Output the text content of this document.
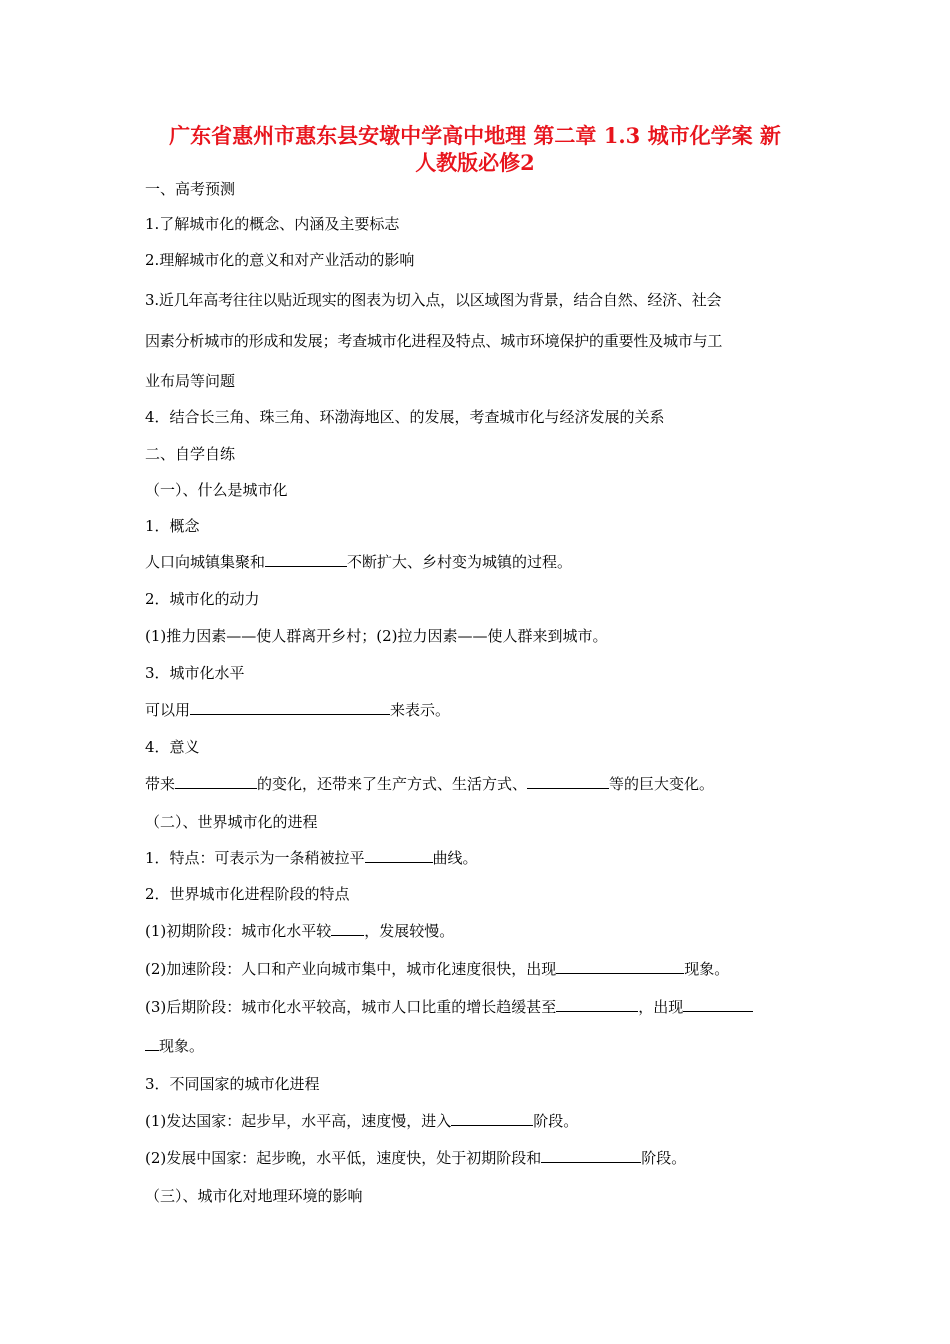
广东省惠州市惠东县安墩中学高中地理 第二章 1.3 城市化学案 新
人教版必修2
一、高考预测
1.了解城市化的概念、内涵及主要标志
2.理解城市化的意义和对产业活动的影响
3.近几年高考往往以贴近现实的图表为切入点，以区域图为背景，结合自然、经济、社会
因素分析城市的形成和发展；考查城市化进程及特点、城市环境保护的重要性及城市与工
业布局等问题
4．结合长三角、珠三角、环渤海地区、的发展，考查城市化与经济发展的关系
二、自学自练
（一）、什么是城市化
1．概念
人口向城镇集聚和	不断扩大、乡村变为城镇的过程。
2．城市化的动力
(1)推力因素——使人群离开乡村；(2)拉力因素——使人群来到城市。
3．城市化水平
可以用	来表示。
4．意义
带来	的变化，还带来了生产方式、生活方式、	等的巨大变化。
（二）、世界城市化的进程
1．特点：可表示为一条稍被拉平	曲线。
2．世界城市化进程阶段的特点
(1)初期阶段：城市化水平较 ，发展较慢。
(2)加速阶段：人口和产业向城市集中，城市化速度很快，出现	现象。
(3)后期阶段：城市化水平较高，城市人口比重的增长趋缓甚至	，出现
现象。
3．不同国家的城市化进程
(1)发达国家：起步早，水平高，速度慢，进入	阶段。
(2)发展中国家：起步晚，水平低，速度快，处于初期阶段和	阶段。
（三）、城市化对地理环境的影响
